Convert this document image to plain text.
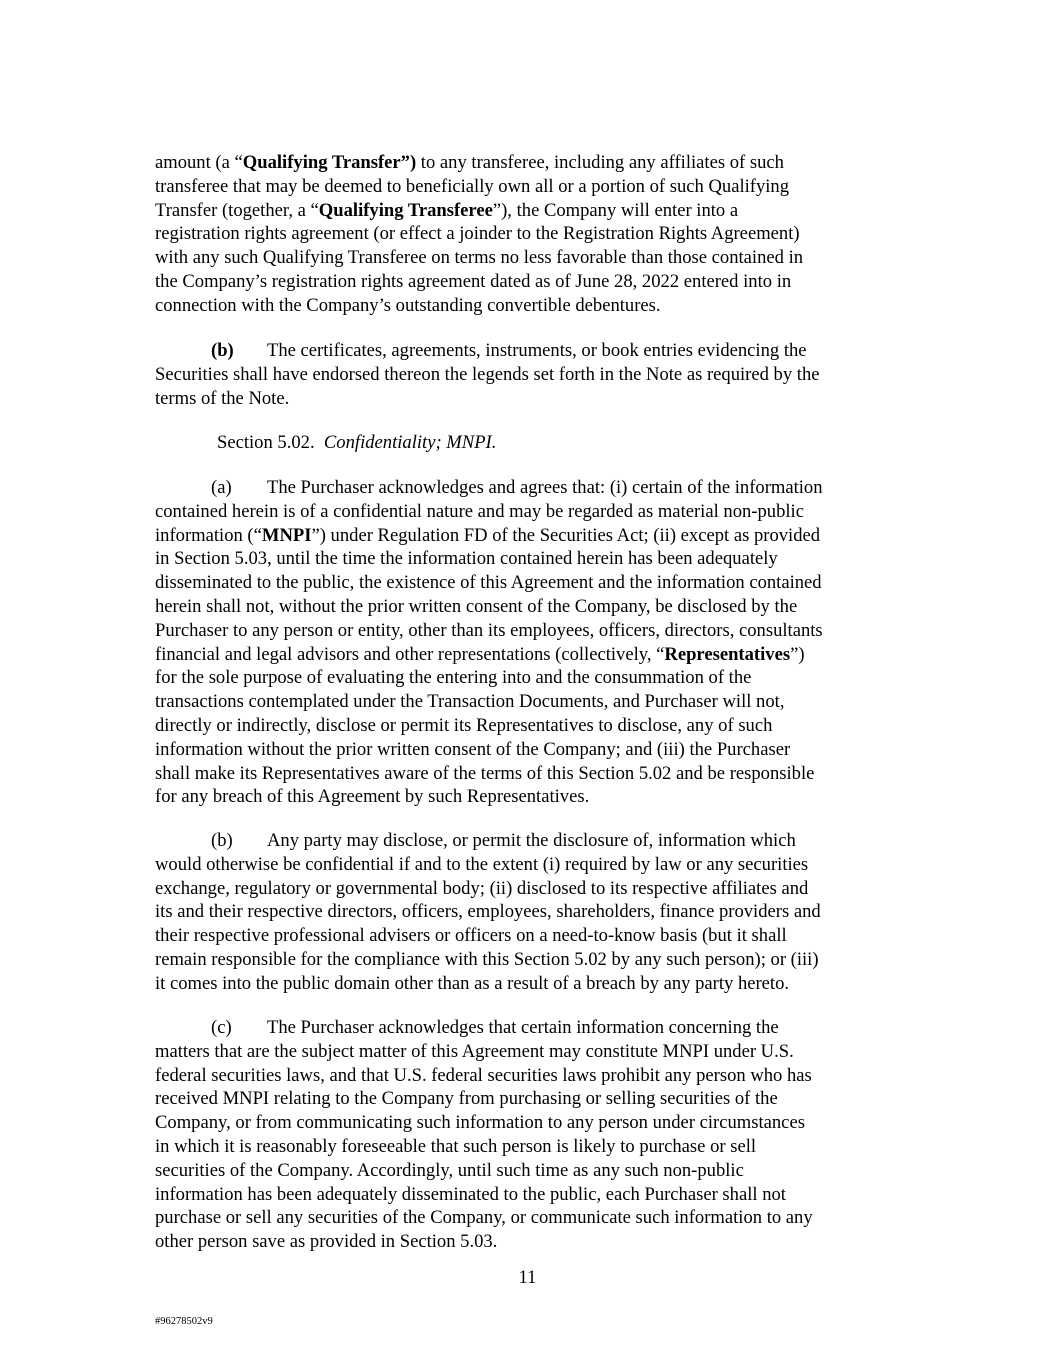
amount (a “Qualifying Transfer”) to any transferee, including any affiliates of such
transferee that may be deemed to beneficially own all or a portion of such Qualifying
Transfer (together, a “Qualifying Transferee”), the Company will enter into a
registration rights agreement (or effect a joinder to the Registration Rights Agreement)
with any such Qualifying Transferee on terms no less favorable than those contained in
the Company’s registration rights agreement dated as of June 28, 2022 entered into in
connection with the Company’s outstanding convertible debentures.
(b) The certificates, agreements, instruments, or book entries evidencing the
Securities shall have endorsed thereon the legends set forth in the Note as required by the
terms of the Note.
Section 5.02. Confidentiality; MNPI.
(a) The Purchaser acknowledges and agrees that: (i) certain of the information
contained herein is of a confidential nature and may be regarded as material non-public
information (“MNPI”) under Regulation FD of the Securities Act; (ii) except as provided
in Section 5.03, until the time the information contained herein has been adequately
disseminated to the public, the existence of this Agreement and the information contained
herein shall not, without the prior written consent of the Company, be disclosed by the
Purchaser to any person or entity, other than its employees, officers, directors, consultants
financial and legal advisors and other representations (collectively, “Representatives”)
for the sole purpose of evaluating the entering into and the consummation of the
transactions contemplated under the Transaction Documents, and Purchaser will not,
directly or indirectly, disclose or permit its Representatives to disclose, any of such
information without the prior written consent of the Company; and (iii) the Purchaser
shall make its Representatives aware of the terms of this Section 5.02 and be responsible
for any breach of this Agreement by such Representatives.
(b) Any party may disclose, or permit the disclosure of, information which
would otherwise be confidential if and to the extent (i) required by law or any securities
exchange, regulatory or governmental body; (ii) disclosed to its respective affiliates and
its and their respective directors, officers, employees, shareholders, finance providers and
their respective professional advisers or officers on a need-to-know basis (but it shall
remain responsible for the compliance with this Section 5.02 by any such person); or (iii)
it comes into the public domain other than as a result of a breach by any party hereto.
(c) The Purchaser acknowledges that certain information concerning the
matters that are the subject matter of this Agreement may constitute MNPI under U.S.
federal securities laws, and that U.S. federal securities laws prohibit any person who has
received MNPI relating to the Company from purchasing or selling securities of the
Company, or from communicating such information to any person under circumstances
in which it is reasonably foreseeable that such person is likely to purchase or sell
securities of the Company. Accordingly, until such time as any such non-public
information has been adequately disseminated to the public, each Purchaser shall not
purchase or sell any securities of the Company, or communicate such information to any
other person save as provided in Section 5.03.
11
#96278502v9
